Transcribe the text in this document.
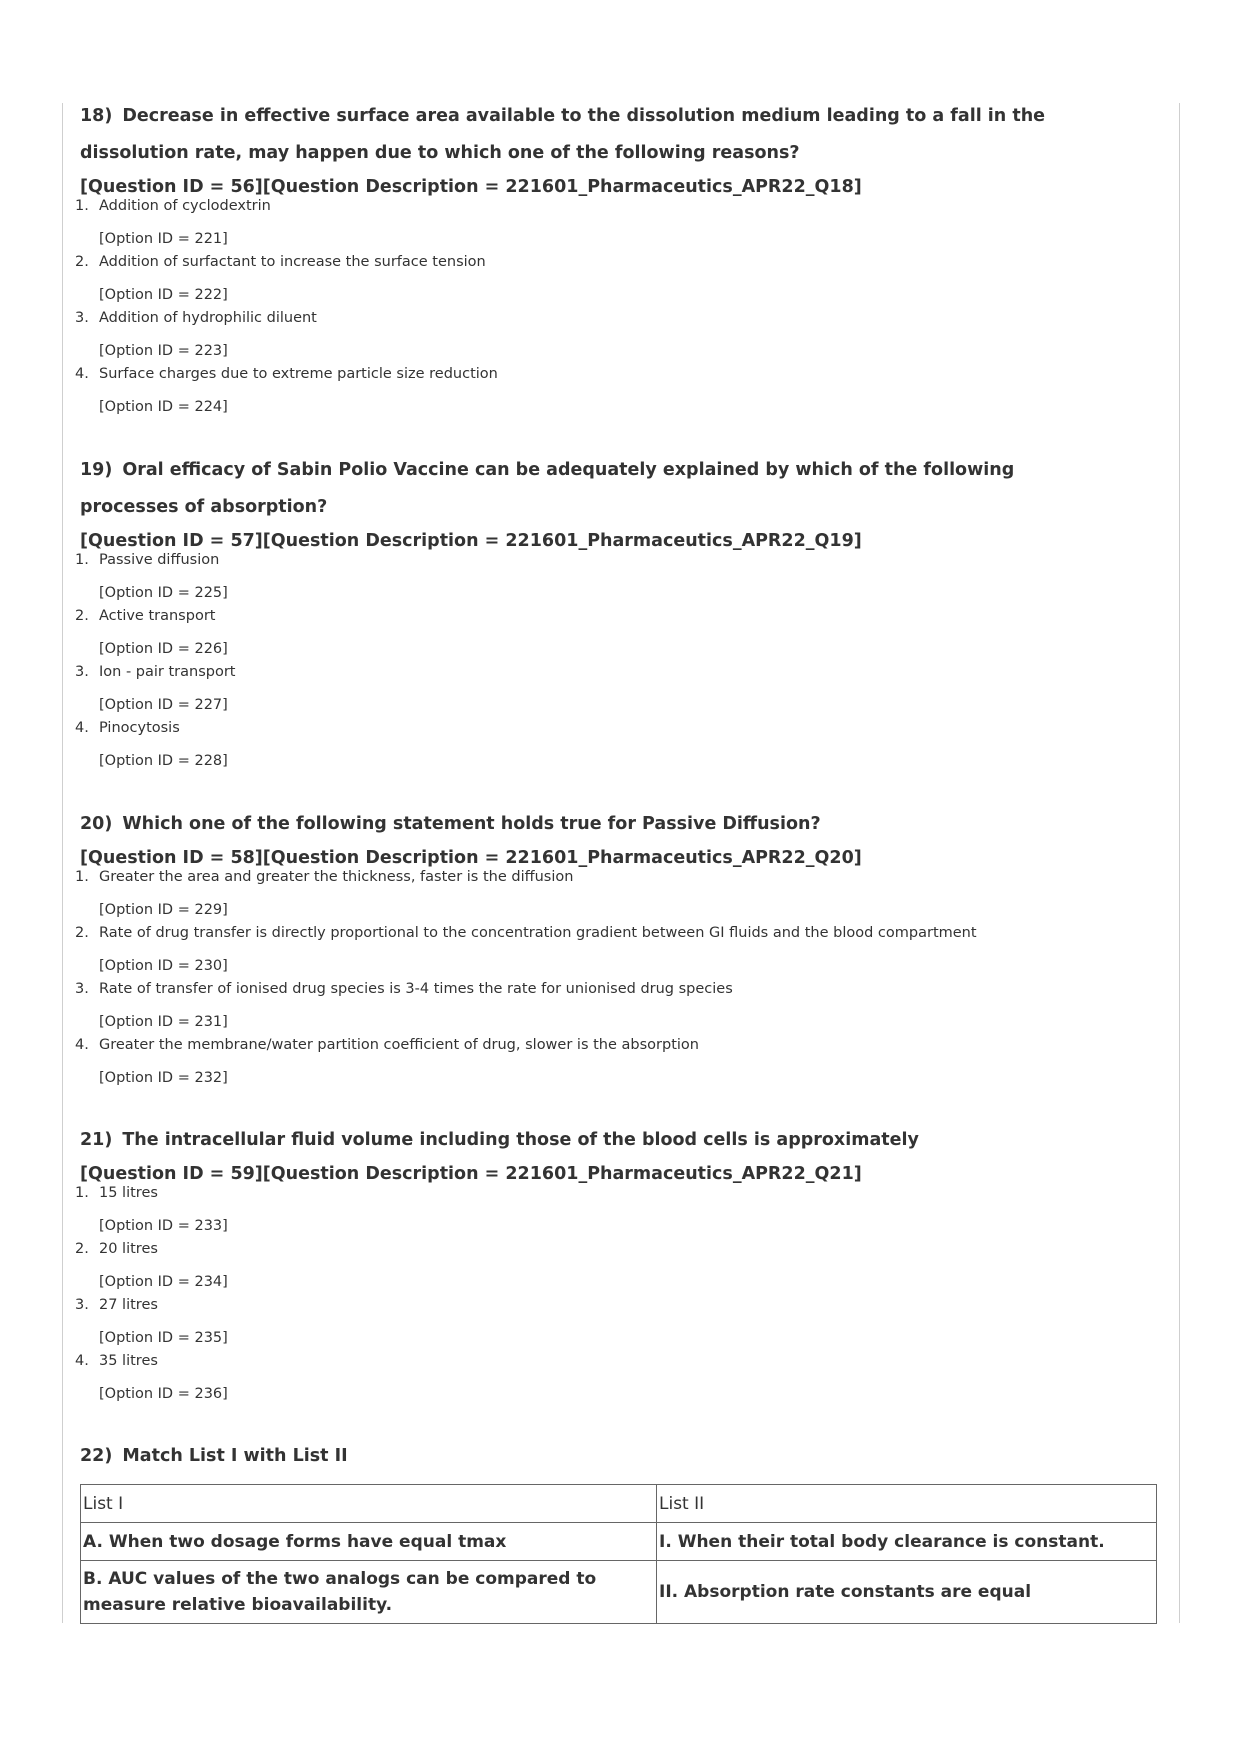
18) Decrease in effective surface area available to the dissolution medium leading to a fall in the

dissolution rate, may happen due to which one of the following reasons?

[Question ID = 56][Question Description = 221601_Pharmaceutics_APR22_Q18]

1. Addition of cyclodextrin
[Option ID = 221]
2. Addition of surfactant to increase the surface tension
[Option ID = 222]
3. Addition of hydrophilic diluent
[Option ID = 223]
4. Surface charges due to extreme particle size reduction
[Option ID = 224]

19) Oral efficacy of Sabin Polio Vaccine can be adequately explained by which of the following

processes of absorption?

[Question ID = 57][Question Description = 221601_Pharmaceutics_APR22_Q19]

1. Passive diffusion
[Option ID = 225]
2. Active transport
[Option ID = 226]
3. Ion - pair transport
[Option ID = 227]
4. Pinocytosis
[Option ID = 228]

20) Which one of the following statement holds true for Passive Diffusion?

[Question ID = 58][Question Description = 221601_Pharmaceutics_APR22_Q20]

1. Greater the area and greater the thickness, faster is the diffusion
[Option ID = 229]
2. Rate of drug transfer is directly proportional to the concentration gradient between GI fluids and the blood compartment
[Option ID = 230]
3. Rate of transfer of ionised drug species is 3-4 times the rate for unionised drug species
[Option ID = 231]
4. Greater the membrane/water partition coefficient of drug, slower is the absorption
[Option ID = 232]

21) The intracellular fluid volume including those of the blood cells is approximately

[Question ID = 59][Question Description = 221601_Pharmaceutics_APR22_Q21]

1. 15 litres
[Option ID = 233]
2. 20 litres
[Option ID = 234]
3. 27 litres
[Option ID = 235]
4. 35 litres
[Option ID = 236]

22) Match List I with List II

List I	List II
A. When two dosage forms have equal tmax	I. When their total body clearance is constant.
B. AUC values of the two analogs can be compared to measure relative bioavailability.	II. Absorption rate constants are equal
